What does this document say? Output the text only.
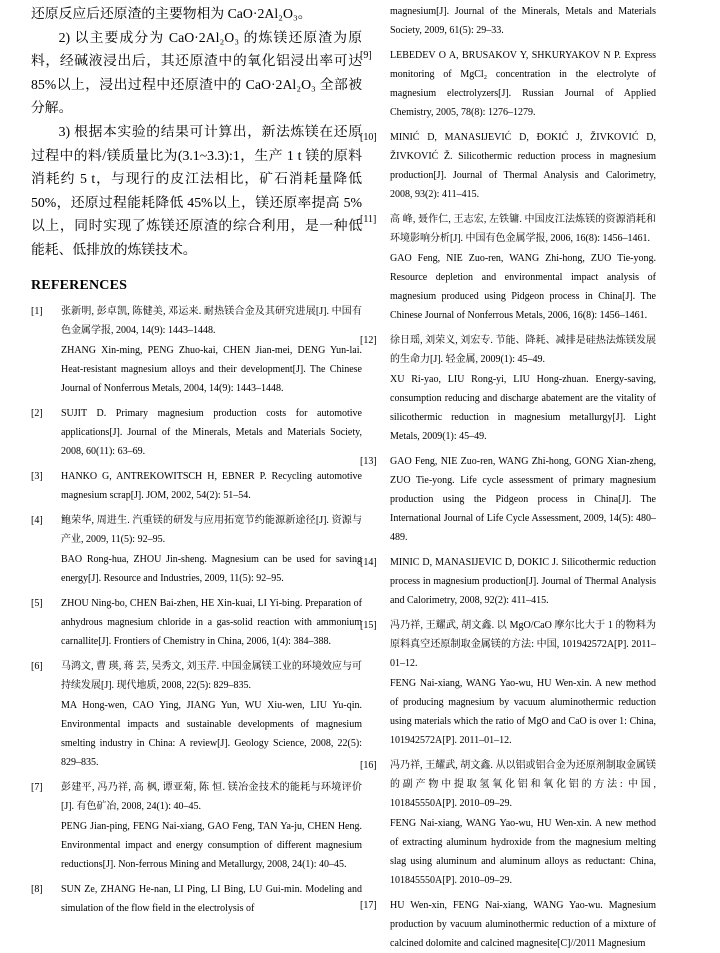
还原反应后还原渣的主要物相为 CaO·2Al₂O₃。

2) 以主要成分为 CaO·2Al₂O₃ 的炼镁还原渣为原料，经碱液浸出后，其还原渣中的氧化铝浸出率可达 85%以上，浸出过程中还原渣中的 CaO·2Al₂O₃ 全部被分解。

3) 根据本实验的结果可计算出，新法炼镁在还原过程中的料/镁质量比为(3.1~3.3):1，生产 1 t 镁的原料消耗约 5 t，与现行的皮江法相比，矿石消耗量降低 50%，还原过程能耗降低 45%以上，镁还原率提高 5%以上，同时实现了炼镁还原渣的综合利用，是一种低能耗、低排放的炼镁技术。

REFERENCES
[1] 张新明, 彭卓凯, 陈健美, 邓运来. 耐热镁合金及其研究进展[J]. 中国有色金属学报, 2004, 14(9): 1443–1448.

ZHANG Xin-ming, PENG Zhuo-kai, CHEN Jian-mei, DENG Yun-lai. Heat-resistant magnesium alloys and their development[J]. The Chinese Journal of Nonferrous Metals, 2004, 14(9): 1443–1448.

[2] SUJIT D. Primary magnesium production costs for automotive applications[J]. Journal of the Minerals, Metals and Materials Society, 2008, 60(11): 63–69.

[3] HANKO G, ANTREKOWITSCH H, EBNER P. Recycling automotive magnesium scrap[J]. JOM, 2002, 54(2): 51–54.

[4] 鲍荣华, 周进生. 汽重镁的研发与应用拓宽节约能源新途径[J]. 资源与产业, 2009, 11(5): 92–95.

BAO Rong-hua, ZHOU Jin-sheng. Magnesium can be used for saving energy[J]. Resource and Industries, 2009, 11(5): 92–95.

[5] ZHOU Ning-bo, CHEN Bai-zhen, HE Xin-kuai, LI Yi-bing. Preparation of anhydrous magnesium chloride in a gas-solid reaction with ammonium carnallite[J]. Frontiers of Chemistry in China, 2006, 1(4): 384–388.

[6] 马鸿文, 曹 瑛, 蒋 芸, 吴秀文, 刘玉芹. 中国金属镁工业的环境效应与可持续发展[J]. 现代地质, 2008, 22(5): 829–835.

MA Hong-wen, CAO Ying, JIANG Yun, WU Xiu-wen, LIU Yu-qin. Environmental impacts and sustainable developments of magnesium smelting industry in China: A review[J]. Geology Science, 2008, 22(5): 829–835.

[7] 彭建平, 冯乃祥, 高 枫, 谭亚菊, 陈 恒. 镁冶金技术的能耗与环境评价[J]. 有色矿冶, 2008, 24(1): 40–45.

PENG Jian-ping, FENG Nai-xiang, GAO Feng, TAN Ya-ju, CHEN Heng. Environmental impact and energy consumption of different magnesium reductions[J]. Non-ferrous Mining and Metallurgy, 2008, 24(1): 40–45.

[8] SUN Ze, ZHANG He-nan, LI Ping, LI Bing, LU Gui-min. Modeling and simulation of the flow field in the electrolysis of

magnesium[J]. Journal of the Minerals, Metals and Materials Society, 2009, 61(5): 29–33.

[9] LEBEDEV O A, BRUSAKOV Y, SHKURYAKOV N P. Express monitoring of MgCl₂ concentration in the electrolyte of magnesium electrolyzers[J]. Russian Journal of Applied Chemistry, 2005, 78(8): 1276–1279.

[10] MINIĆ D, MANASIJEVIĆ D, ĐOKIĆ J, ŽIVKOVIĆ D, ŽIVKOVIĆ Ž. Silicothermic reduction process in magnesium production[J]. Journal of Thermal Analysis and Calorimetry, 2008, 93(2): 411–415.

[11] 高 峰, 聂作仁, 王志宏, 左铁镛. 中国皮江法炼镁的资源消耗和环境影响分析[J]. 中国有色金属学报, 2006, 16(8): 1456–1461.

GAO Feng, NIE Zuo-ren, WANG Zhi-hong, ZUO Tie-yong. Resource depletion and environmental impact analysis of magnesium produced using Pidgeon process in China[J]. The Chinese Journal of Nonferrous Metals, 2006, 16(8): 1456–1461.

[12] 徐日瑶, 刘荣义, 刘宏专. 节能、降耗、减排是硅热法炼镁发展的生命力[J]. 轻金属, 2009(1): 45–49.

XU Ri-yao, LIU Rong-yi, LIU Hong-zhuan. Energy-saving, consumption reducing and discharge abatement are the vitality of silicothermic reduction in magnesium metallurgy[J]. Light Metals, 2009(1): 45–49.

[13] GAO Feng, NIE Zuo-ren, WANG Zhi-hong, GONG Xian-zheng, ZUO Tie-yong. Life cycle assessment of primary magnesium production using the Pidgeon process in China[J]. The International Journal of Life Cycle Assessment, 2009, 14(5): 480–489.

[14] MINIC D, MANASIJEVIC D, DOKIC J. Silicothermic reduction process in magnesium production[J]. Journal of Thermal Analysis and Calorimetry, 2008, 92(2): 411–415.

[15] 冯乃祥, 王耀武, 胡文鑫. 以 MgO/CaO 摩尔比大于 1 的物料为原料真空还原制取金属镁的方法: 中国, 101942572A[P]. 2011–01–12.

FENG Nai-xiang, WANG Yao-wu, HU Wen-xin. A new method of producing magnesium by vacuum aluminothermic reduction using materials which the ratio of MgO and CaO is over 1: China, 101942572A[P]. 2011–01–12.

[16] 冯乃祥, 王耀武, 胡文鑫. 从以铝或铝合金为还原剂制取金属镁的副产物中提取氢氧化铝和氧化铝的方法: 中国, 101845550A[P]. 2010–09–29.

FENG Nai-xiang, WANG Yao-wu, HU Wen-xin. A new method of extracting aluminum hydroxide from the magnesium melting slag using aluminum and aluminum alloys as reductant: China, 101845550A[P]. 2010–09–29.

[17] HU Wen-xin, FENG Nai-xiang, WANG Yao-wu. Magnesium production by vacuum aluminothermic reduction of a mixture of calcined dolomite and calcined magnesite[C]//2011 Magnesium
